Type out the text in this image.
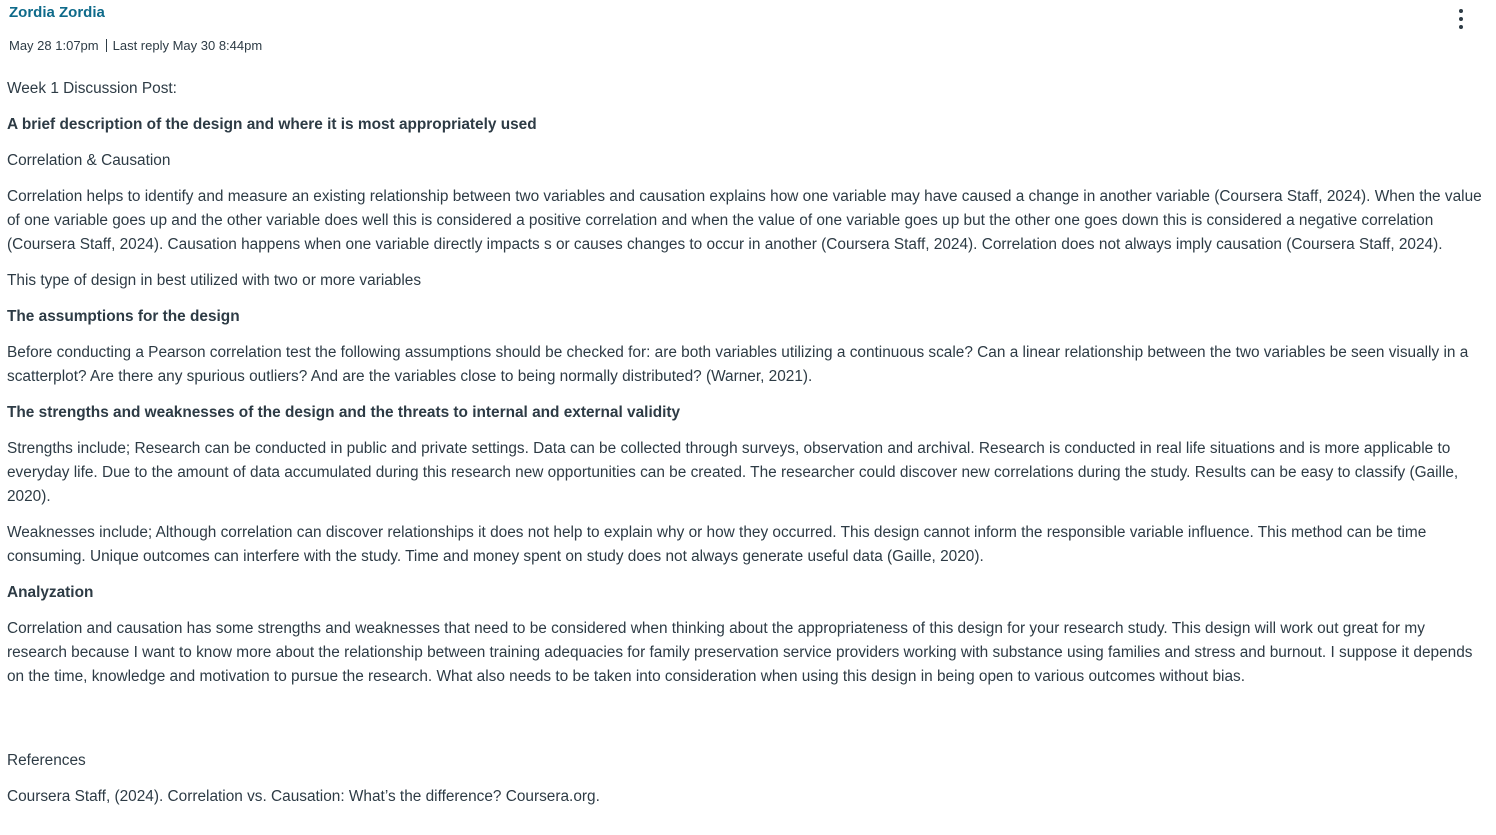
Zordia Zordia
May 28 1:07pm Last reply May 30 8:44pm

Week 1 Discussion Post:

A brief description of the design and where it is most appropriately used

Correlation & Causation

Correlation helps to identify and measure an existing relationship between two variables and causation explains how one variable may have caused a change in another variable (Coursera Staff, 2024). When the value of one variable goes up and the other variable does well this is considered a positive correlation and when the value of one variable goes up but the other one goes down this is considered a negative correlation (Coursera Staff, 2024). Causation happens when one variable directly impacts s or causes changes to occur in another (Coursera Staff, 2024). Correlation does not always imply causation (Coursera Staff, 2024).

This type of design in best utilized with two or more variables

The assumptions for the design

Before conducting a Pearson correlation test the following assumptions should be checked for: are both variables utilizing a continuous scale? Can a linear relationship between the two variables be seen visually in a scatterplot? Are there any spurious outliers? And are the variables close to being normally distributed? (Warner, 2021).

The strengths and weaknesses of the design and the threats to internal and external validity

Strengths include; Research can be conducted in public and private settings. Data can be collected through surveys, observation and archival. Research is conducted in real life situations and is more applicable to everyday life. Due to the amount of data accumulated during this research new opportunities can be created. The researcher could discover new correlations during the study. Results can be easy to classify (Gaille, 2020).

Weaknesses include; Although correlation can discover relationships it does not help to explain why or how they occurred. This design cannot inform the responsible variable influence. This method can be time consuming. Unique outcomes can interfere with the study. Time and money spent on study does not always generate useful data (Gaille, 2020).

Analyzation

Correlation and causation has some strengths and weaknesses that need to be considered when thinking about the appropriateness of this design for your research study. This design will work out great for my research because I want to know more about the relationship between training adequacies for family preservation service providers working with substance using families and stress and burnout. I suppose it depends on the time, knowledge and motivation to pursue the research. What also needs to be taken into consideration when using this design in being open to various outcomes without bias.

References

Coursera Staff, (2024). Correlation vs. Causation: What’s the difference? Coursera.org.
